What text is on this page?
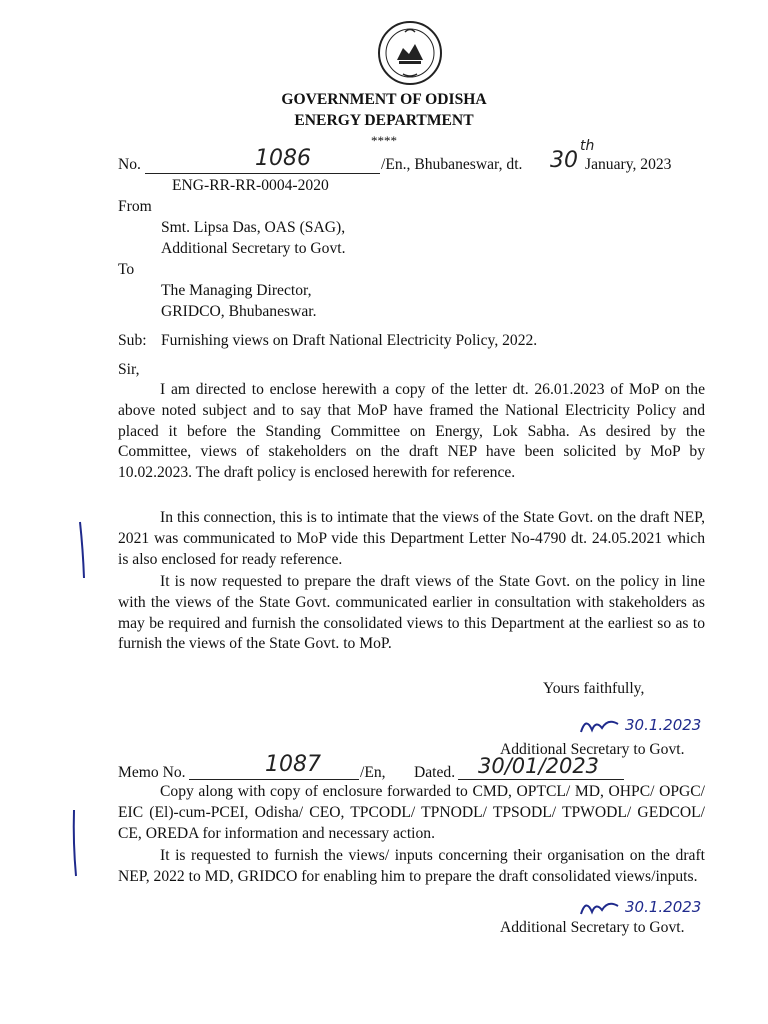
GOVERNMENT OF ODISHA
ENERGY DEPARTMENT
****
No.	1086	/En., Bhubaneswar, dt. 30
th
January, 2023
ENG-RR-RR-0004-2020
From
Smt. Lipsa Das, OAS (SAG),
Additional Secretary to Govt.
To
The Managing Director,
GRIDCO, Bhubaneswar.
Sub: Furnishing views on Draft National Electricity Policy, 2022.
Sir,
I am directed to enclose herewith a copy of the letter dt. 26.01.2023 of MoP on the above noted subject and to say that MoP have framed the National Electricity Policy and placed it before the Standing Committee on Energy, Lok Sabha. As desired by the Committee, views of stakeholders on the draft NEP have been solicited by MoP by 10.02.2023. The draft policy is enclosed herewith for reference.
In this connection, this is to intimate that the views of the State Govt. on the draft NEP, 2021 was communicated to MoP vide this Department Letter No-4790 dt. 24.05.2021 which is also enclosed for ready reference.
It is now requested to prepare the draft views of the State Govt. on the policy in line with the views of the State Govt. communicated earlier in consultation with stakeholders as may be required and furnish the consolidated views to this Department at the earliest so as to furnish the views of the State Govt. to MoP.
Yours faithfully,
30.1.2023
Additional Secretary to Govt.
Memo No.	1087	/En, Dated. 30/01/2023
Copy along with copy of enclosure forwarded to CMD, OPTCL/ MD, OHPC/ OPGC/ EIC (El)-cum-PCEI, Odisha/ CEO, TPCODL/ TPNODL/ TPSODL/ TPWODL/ GEDCOL/ CE, OREDA for information and necessary action.
It is requested to furnish the views/ inputs concerning their organisation on the draft NEP, 2022 to MD, GRIDCO for enabling him to prepare the draft consolidated views/inputs.
30.1.2023
Additional Secretary to Govt.
